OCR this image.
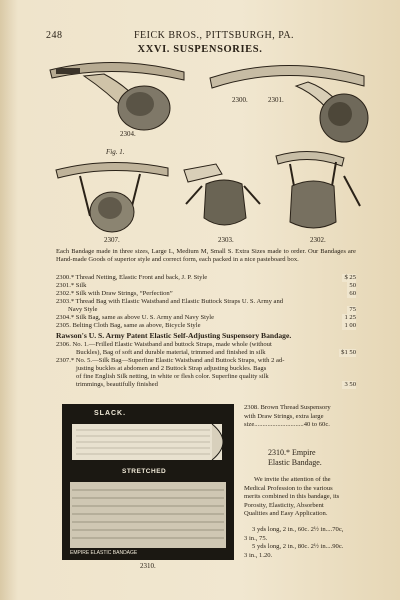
248	FEICK BROS., PITTSBURGH, PA.
XXVI. SUSPENSORIES.
2304.
2300.	2301.
Fig. 1.
2307.	2303.	2302.
Each Bandage made in three sizes, Large L, Medium M, Small S. Extra Sizes made to order. Our Bandages are Hand-made Goods of superior style and correct form, each packed in a nice pasteboard box.
2300.* Thread Netting, Elastic Front and back, J. P. Style	$ 25
2301.* Silk	50
2302.* Silk with Draw Strings, “Perfection”	60
2303.* Thread Bag with Elastic Waistband and Elastic Buttock Straps U. S. Army and
Navy Style	75
2304.* Silk Bag, same as above U. S. Army and Navy Style	1 25
2305. Belting Cloth Bag, same as above, Bicycle Style	1 00
Rawson's U. S. Army Patent Elastic Self-Adjusting Suspensory Bandage.
2306. No. 1.—Frilled Elastic Waistband and buttock Straps, made whole (without
Buckles), Bag of soft and durable material, trimmed and finished in silk	$1 50
2307.* No. 5.—Silk Bag—Superfine Elastic Waistband and Buttock Straps, with 2 ad-
justing buckles at abdomen and 2 Buttock Strap adjusting buckles. Bags
of fine English Silk netting, in white or flesh color. Superfine quality silk
trimmings, beautifully finished	3 50
SLACK.
STRETCHED
EMPIRE ELASTIC BANDAGE
2310.
2308. Brown Thread Suspensory
with Draw Strings, extra large
size..............................40 to 60c.
2310.* Empire
Elastic Bandage.
We invite the attention of the
Medical Profession to the various
merits combined in this bandage, its
Porosity, Elasticity, Absorbent
Qualities and Easy Application.
3 yds long, 2 in., 60c. 2½ in....70c,
3 in., 75.
5 yds long, 2 in., 80c. 2½ in....90c.
3 in., 1.20.
